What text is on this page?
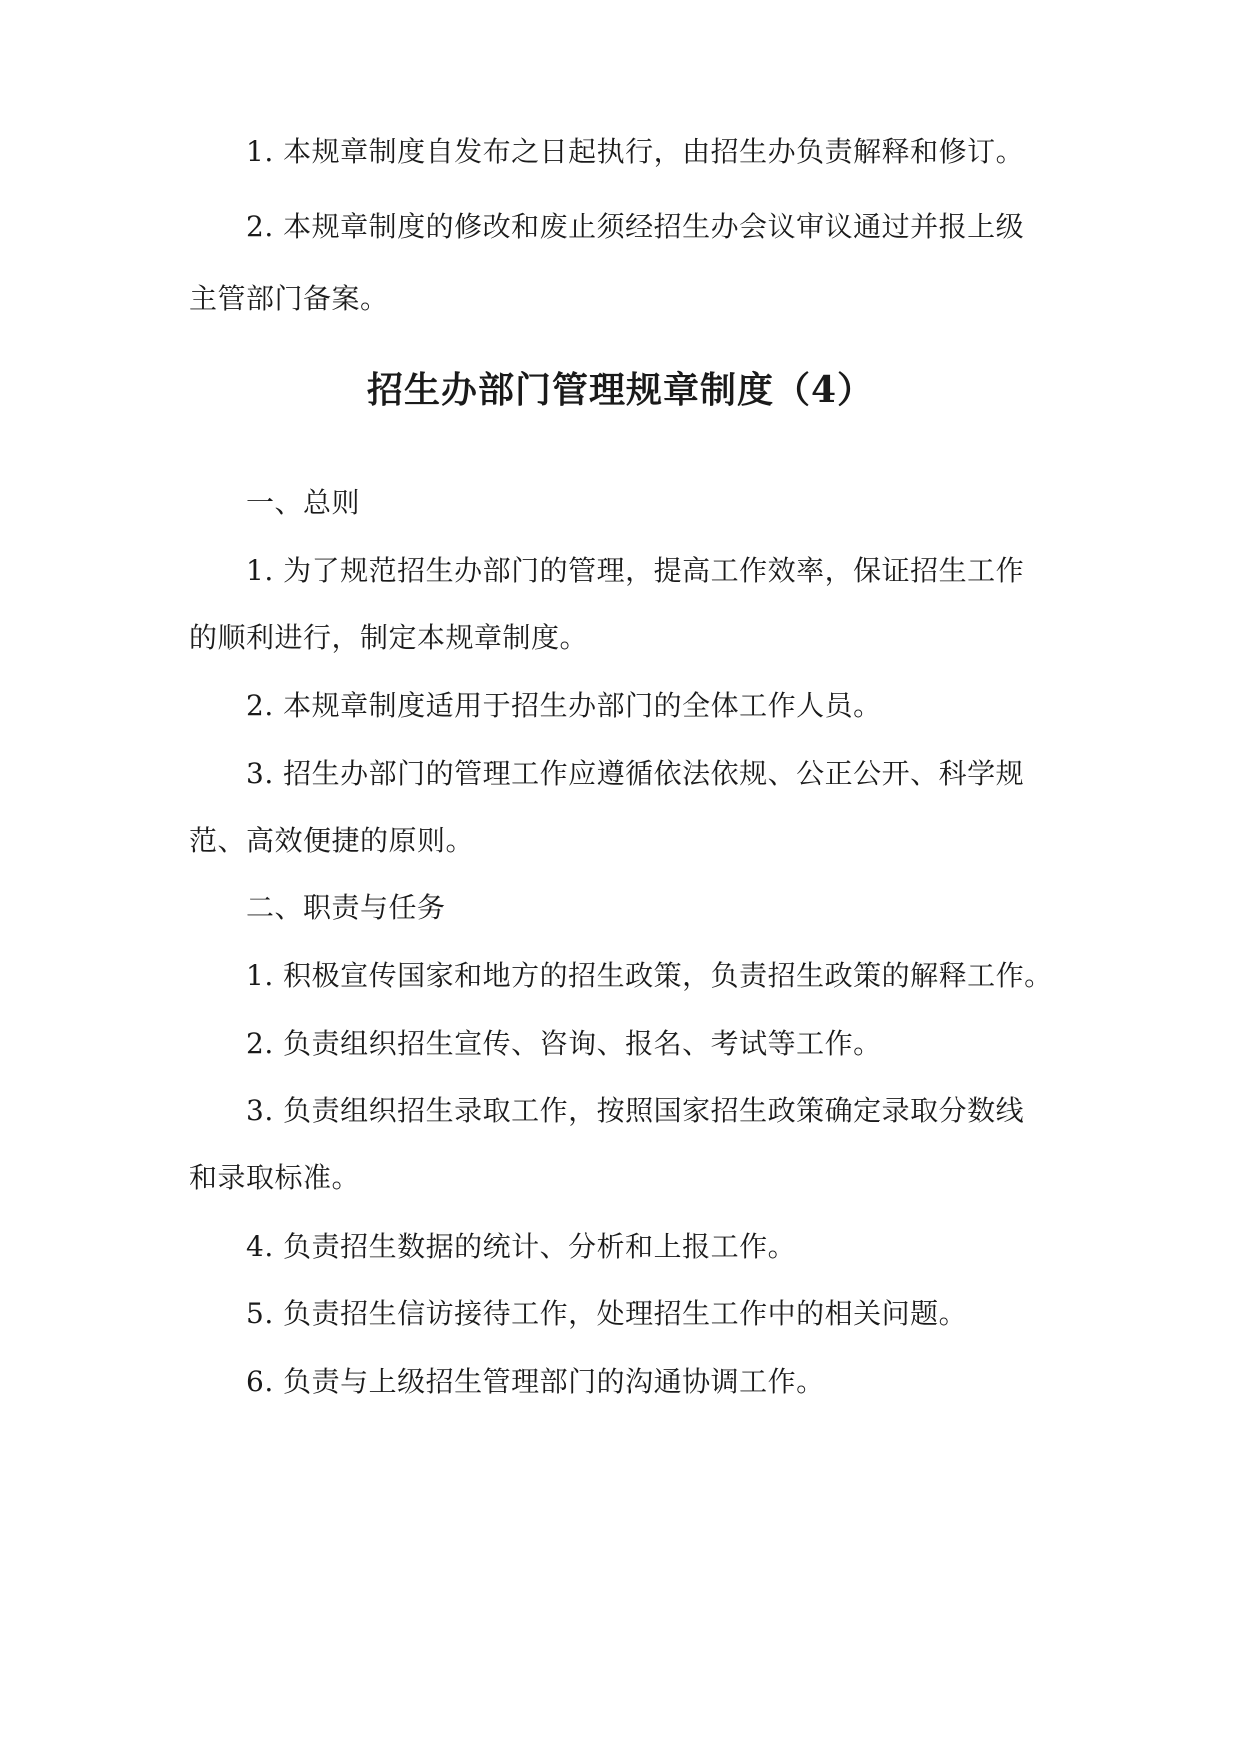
1. 本规章制度自发布之日起执行，由招生办负责解释和修订。
2. 本规章制度的修改和废止须经招生办会议审议通过并报上级
主管部门备案。
招生办部门管理规章制度（4）
一、总则
1. 为了规范招生办部门的管理，提高工作效率，保证招生工作
的顺利进行，制定本规章制度。
2. 本规章制度适用于招生办部门的全体工作人员。
3. 招生办部门的管理工作应遵循依法依规、公正公开、科学规
范、高效便捷的原则。
二、职责与任务
1. 积极宣传国家和地方的招生政策，负责招生政策的解释工作。
2. 负责组织招生宣传、咨询、报名、考试等工作。
3. 负责组织招生录取工作，按照国家招生政策确定录取分数线
和录取标准。
4. 负责招生数据的统计、分析和上报工作。
5. 负责招生信访接待工作，处理招生工作中的相关问题。
6. 负责与上级招生管理部门的沟通协调工作。
